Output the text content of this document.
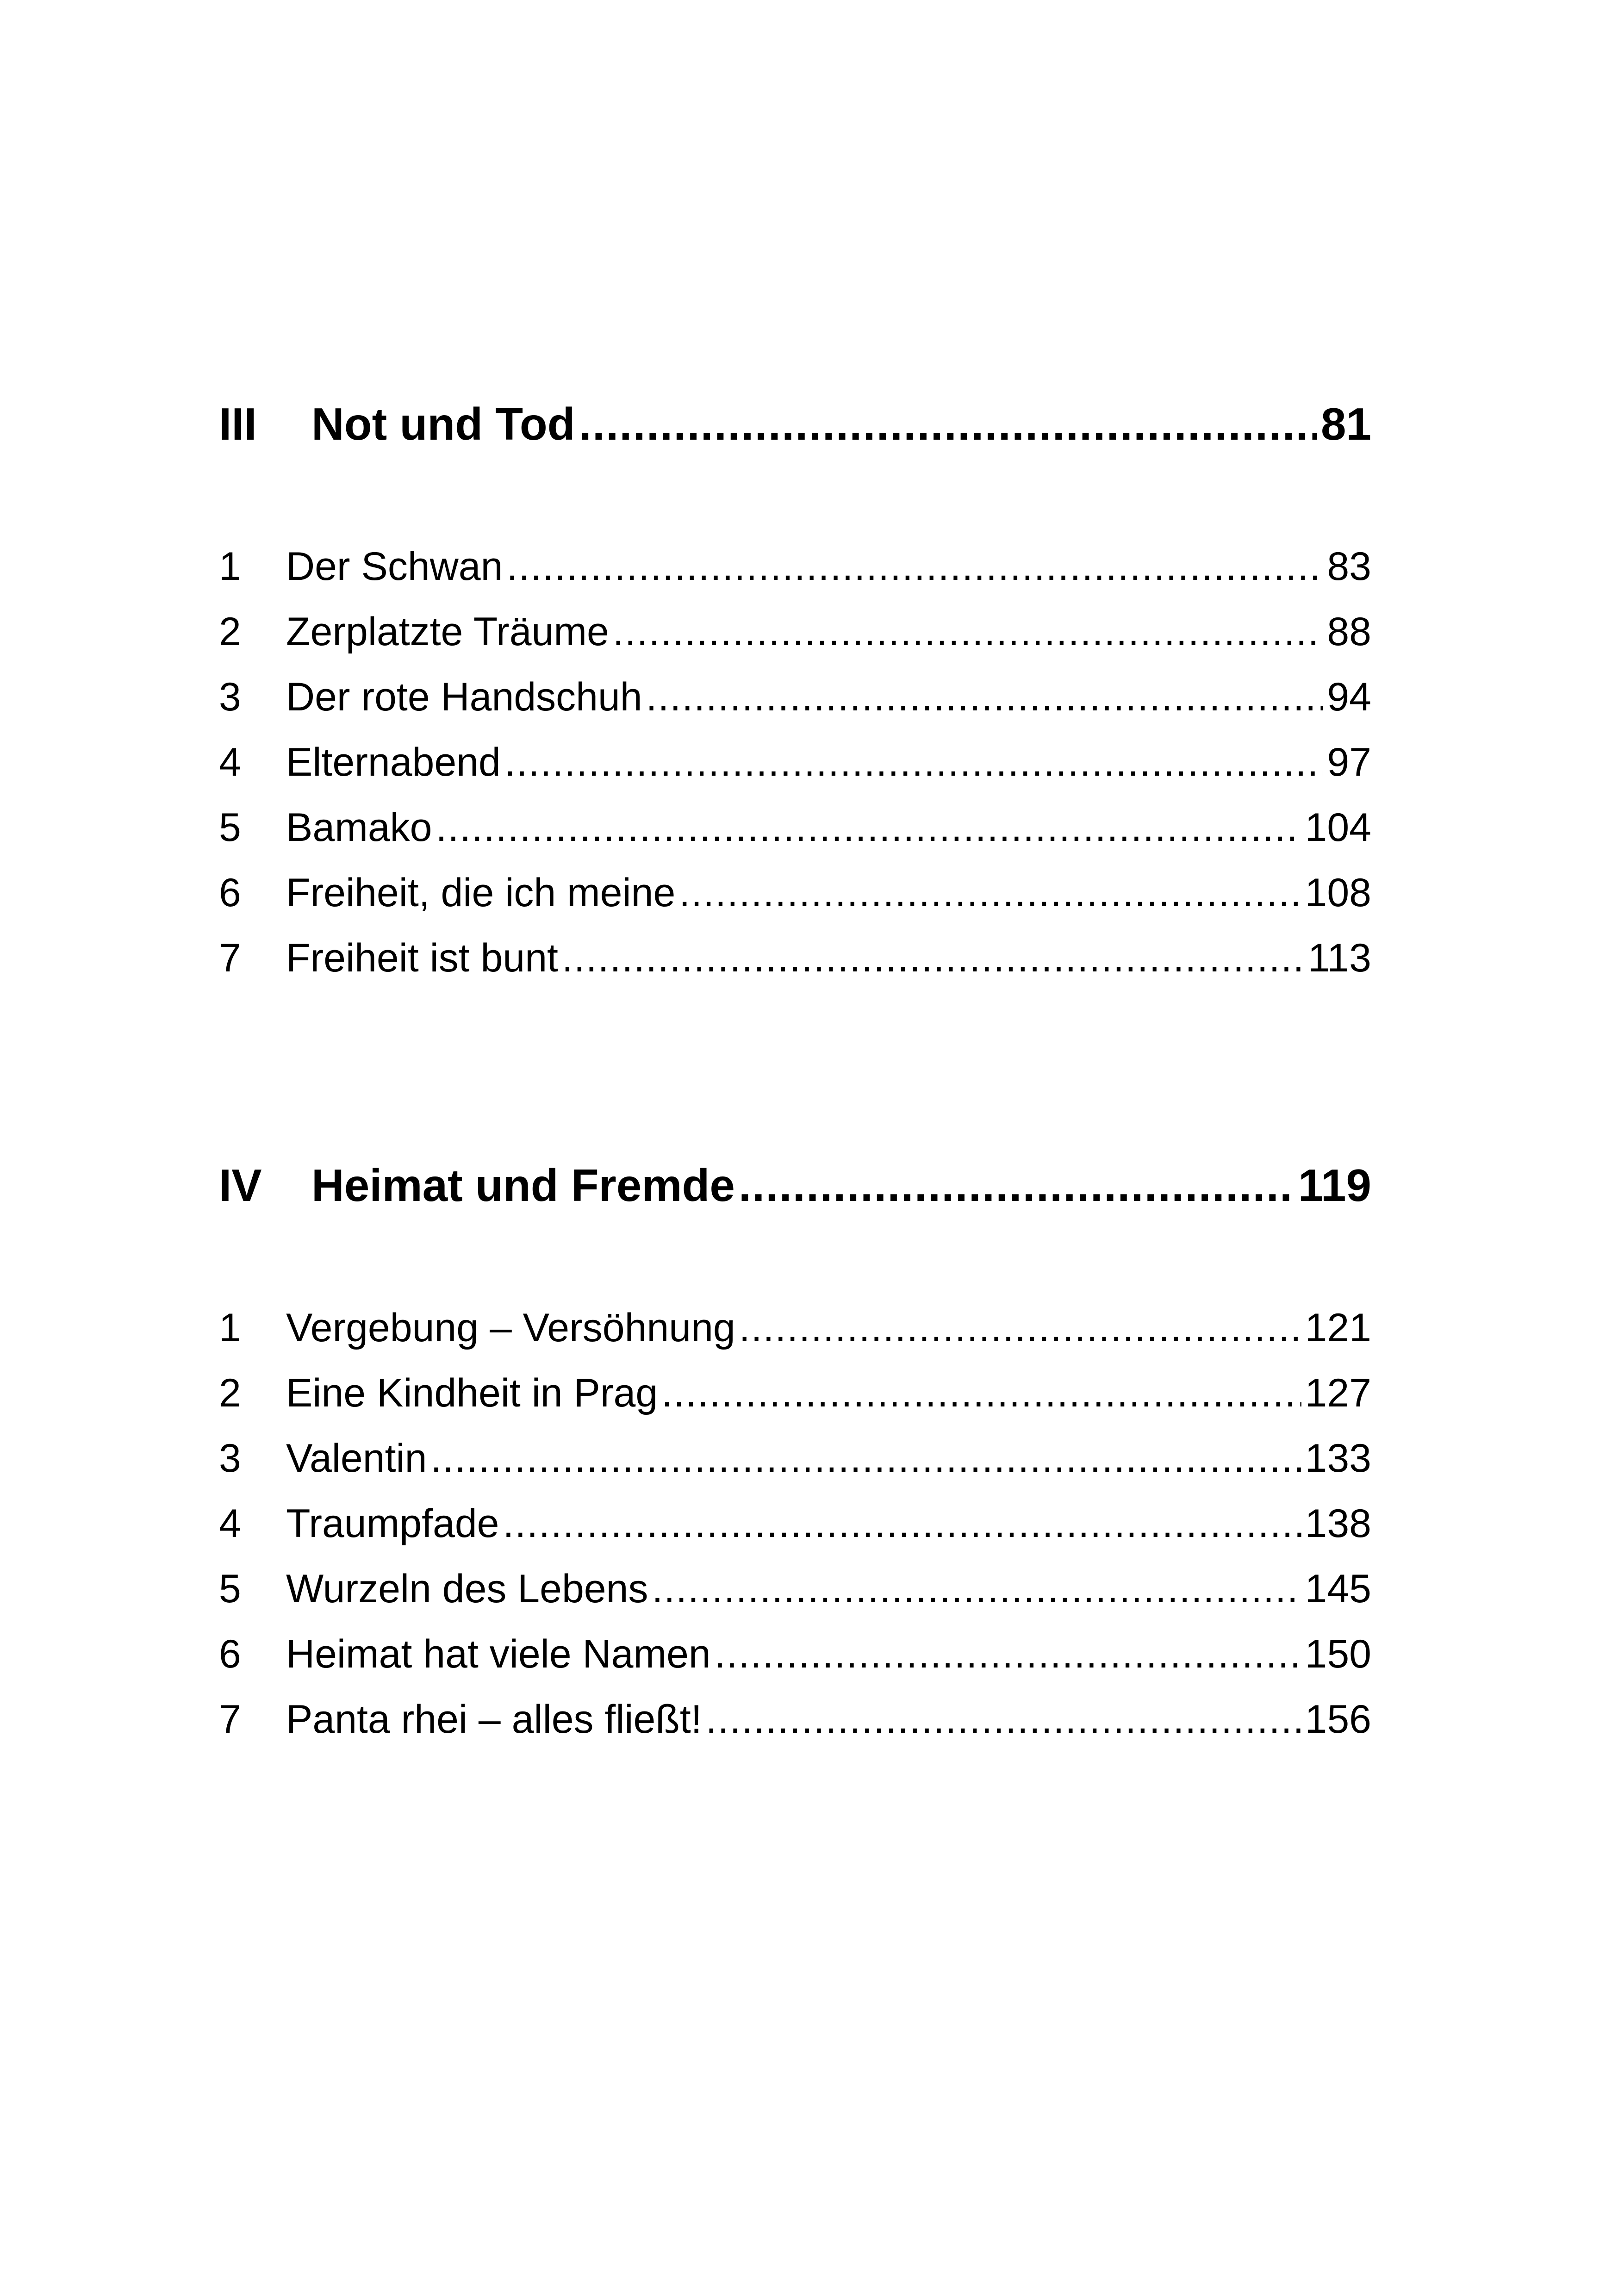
III	Not und Tod .....	81
1	Der Schwan .....	83
2	Zerplatzte Träume .....	88
3	Der rote Handschuh .....	94
4	Elternabend .....	97
5	Bamako .....	104
6	Freiheit, die ich meine .....	108
7	Freiheit ist bunt .....	113
IV	Heimat und Fremde .....	119
1	Vergebung – Versöhnung .....	121
2	Eine Kindheit in Prag .....	127
3	Valentin .....	133
4	Traumpfade .....	138
5	Wurzeln des Lebens .....	145
6	Heimat hat viele Namen .....	150
7	Panta rhei – alles fließt! .....	156
